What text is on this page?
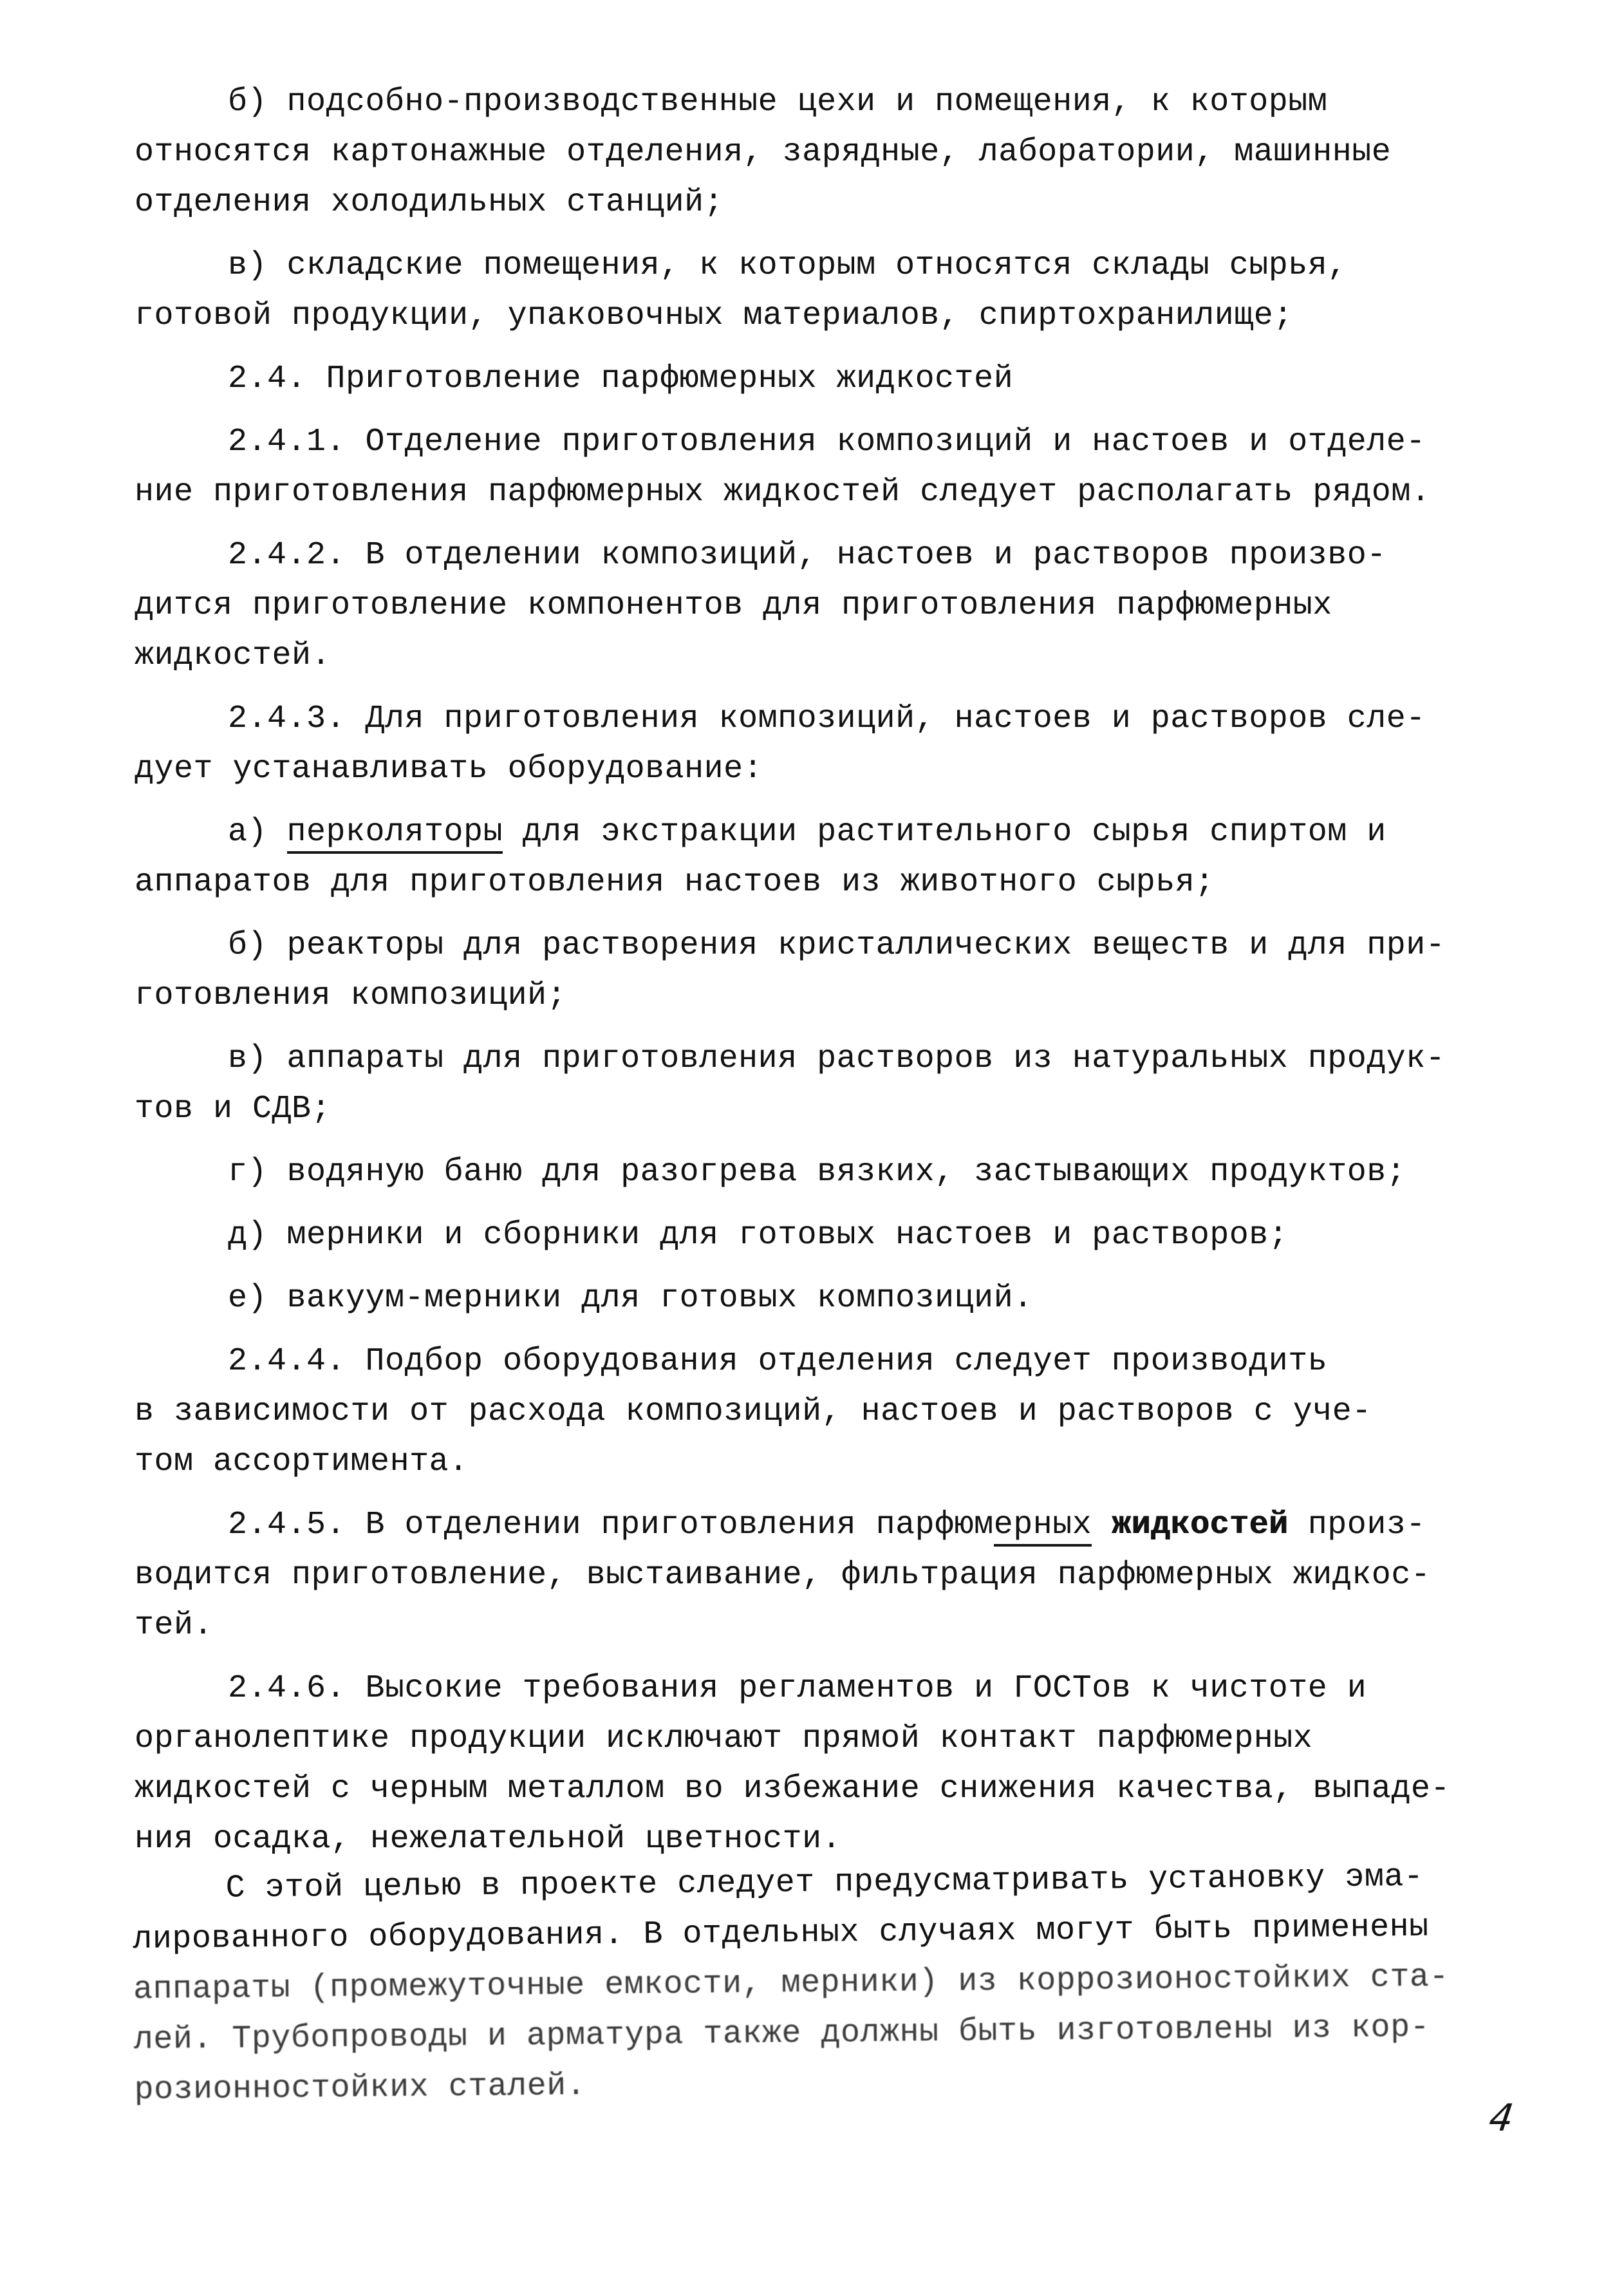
б) подсобно-производственные цехи и помещения, к которым
относятся картонажные отделения, зарядные, лаборатории, машинные
отделения холодильных станций;
в) складские помещения, к которым относятся склады сырья,
готовой продукции, упаковочных материалов, спиртохранилище;
2.4. Приготовление парфюмерных жидкостей
2.4.1. Отделение приготовления композиций и настоев и отделе-
ние приготовления парфюмерных жидкостей следует располагать рядом.
2.4.2. В отделении композиций, настоев и растворов произво-
дится приготовление компонентов для приготовления парфюмерных
жидкостей.
2.4.3. Для приготовления композиций, настоев и растворов сле-
дует устанавливать оборудование:
а) перколяторы для экстракции растительного сырья спиртом и
аппаратов для приготовления настоев из животного сырья;
б) реакторы для растворения кристаллических веществ и для при-
готовления композиций;
в) аппараты для приготовления растворов из натуральных продук-
тов и СДВ;
г) водяную баню для разогрева вязких, застывающих продуктов;
д) мерники и сборники для готовых настоев и растворов;
е) вакуум-мерники для готовых композиций.
2.4.4. Подбор оборудования отделения следует производить
в зависимости от расхода композиций, настоев и растворов с уче-
том ассортимента.
2.4.5. В отделении приготовления парфюмерных жидкостей произ-
водится приготовление, выстаивание, фильтрация парфюмерных жидкос-
тей.
2.4.6. Высокие требования регламентов и ГОСТов к чистоте и
органолептике продукции исключают прямой контакт парфюмерных
жидкостей с черным металлом во избежание снижения качества, выпаде-
ния осадка, нежелательной цветности.
С этой целью в проекте следует предусматривать установку эма-
лированного оборудования. В отдельных случаях могут быть применены
аппараты (промежуточные емкости, мерники) из коррозионостойких ста-
лей. Трубопроводы и арматура также должны быть изготовлены из кор-
розионностойких сталей.
4
